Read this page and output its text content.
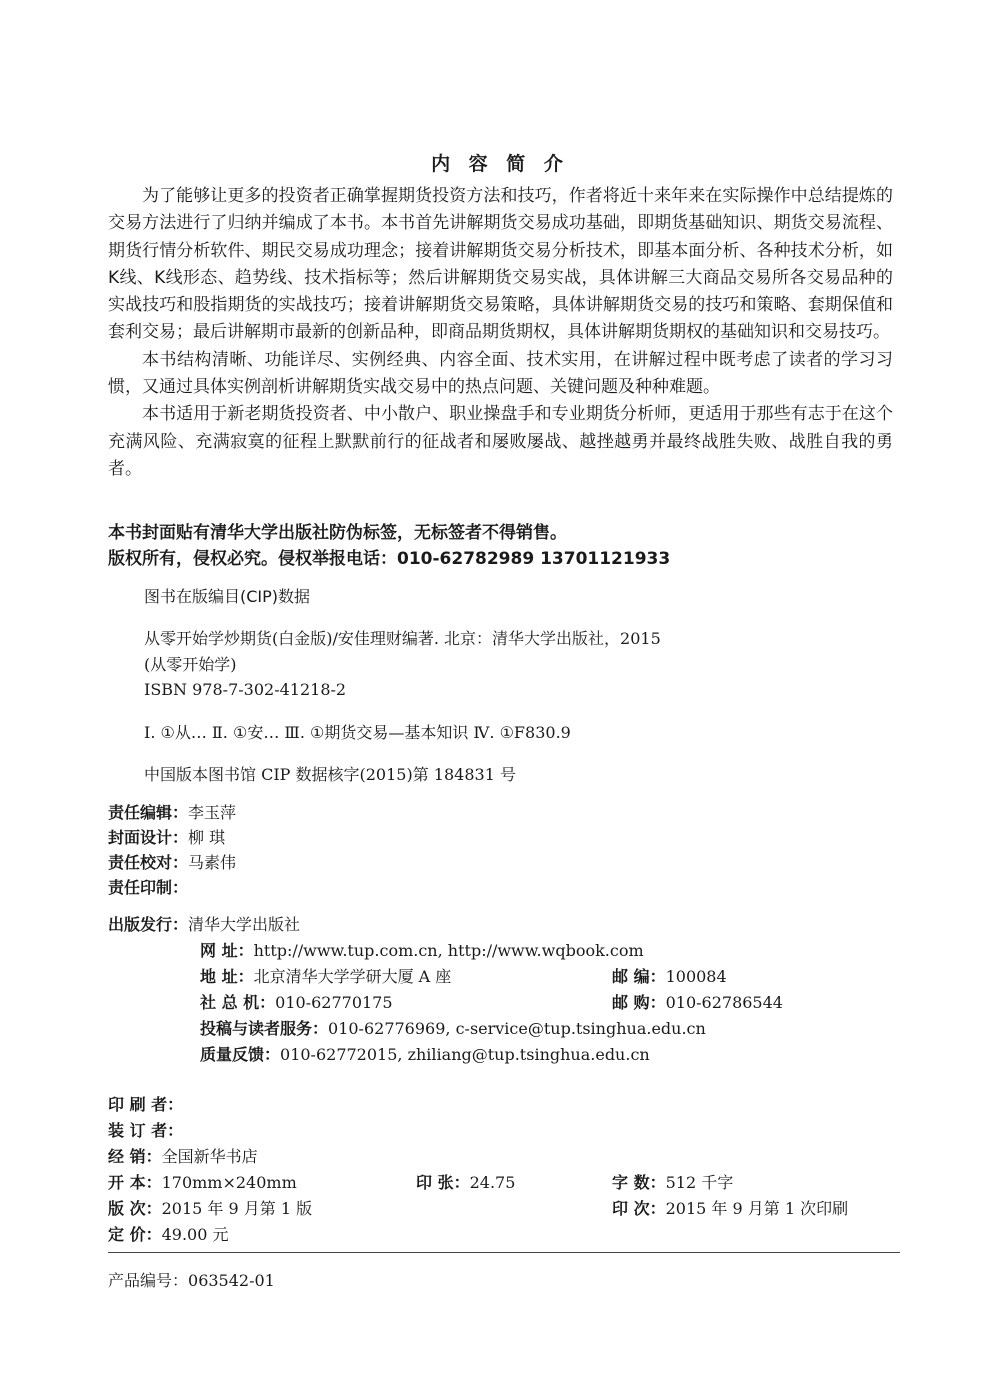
内 容 简 介

为了能够让更多的投资者正确掌握期货投资方法和技巧，作者将近十来年来在实际操作中总结提炼的交易方法进行了归纳并编成了本书。本书首先讲解期货交易成功基础，即期货基础知识、期货交易流程、期货行情分析软件、期民交易成功理念；接着讲解期货交易分析技术，即基本面分析、各种技术分析，如K线、K线形态、趋势线、技术指标等；然后讲解期货交易实战，具体讲解三大商品交易所各交易品种的实战技巧和股指期货的实战技巧；接着讲解期货交易策略，具体讲解期货交易的技巧和策略、套期保值和套利交易；最后讲解期市最新的创新品种，即商品期货期权，具体讲解期货期权的基础知识和交易技巧。

本书结构清晰、功能详尽、实例经典、内容全面、技术实用，在讲解过程中既考虑了读者的学习习惯，又通过具体实例剖析讲解期货实战交易中的热点问题、关键问题及种种难题。

本书适用于新老期货投资者、中小散户、职业操盘手和专业期货分析师，更适用于那些有志于在这个充满风险、充满寂寞的征程上默默前行的征战者和屡败屡战、越挫越勇并最终战胜失败、战胜自我的勇者。

本书封面贴有清华大学出版社防伪标签，无标签者不得销售。
版权所有，侵权必究。侵权举报电话：010-62782989 13701121933
图书在版编目(CIP)数据
从零开始学炒期货(白金版)/安佳理财编著. 北京：清华大学出版社，2015
(从零开始学)
ISBN 978-7-302-41218-2
Ⅰ. ①从… Ⅱ. ①安… Ⅲ. ①期货交易—基本知识 Ⅳ. ①F830.9
中国版本图书馆 CIP 数据核字(2015)第 184831 号
责任编辑：李玉萍
封面设计：柳 琪
责任校对：马素伟
责任印制：
出版发行：清华大学出版社
网 址：http://www.tup.com.cn, http://www.wqbook.com
地 址：北京清华大学学研大厦 A 座	邮 编：100084
社 总 机：010-62770175	邮 购：010-62786544
投稿与读者服务：010-62776969, c-service@tup.tsinghua.edu.cn
质量反馈：010-62772015, zhiliang@tup.tsinghua.edu.cn
印 刷 者：
装 订 者：
经 销：全国新华书店
开 本：170mm×240mm	印 张：24.75	字 数：512 千字
版 次：2015 年 9 月第 1 版	印 次：2015 年 9 月第 1 次印刷
定 价：49.00 元
产品编号：063542-01
